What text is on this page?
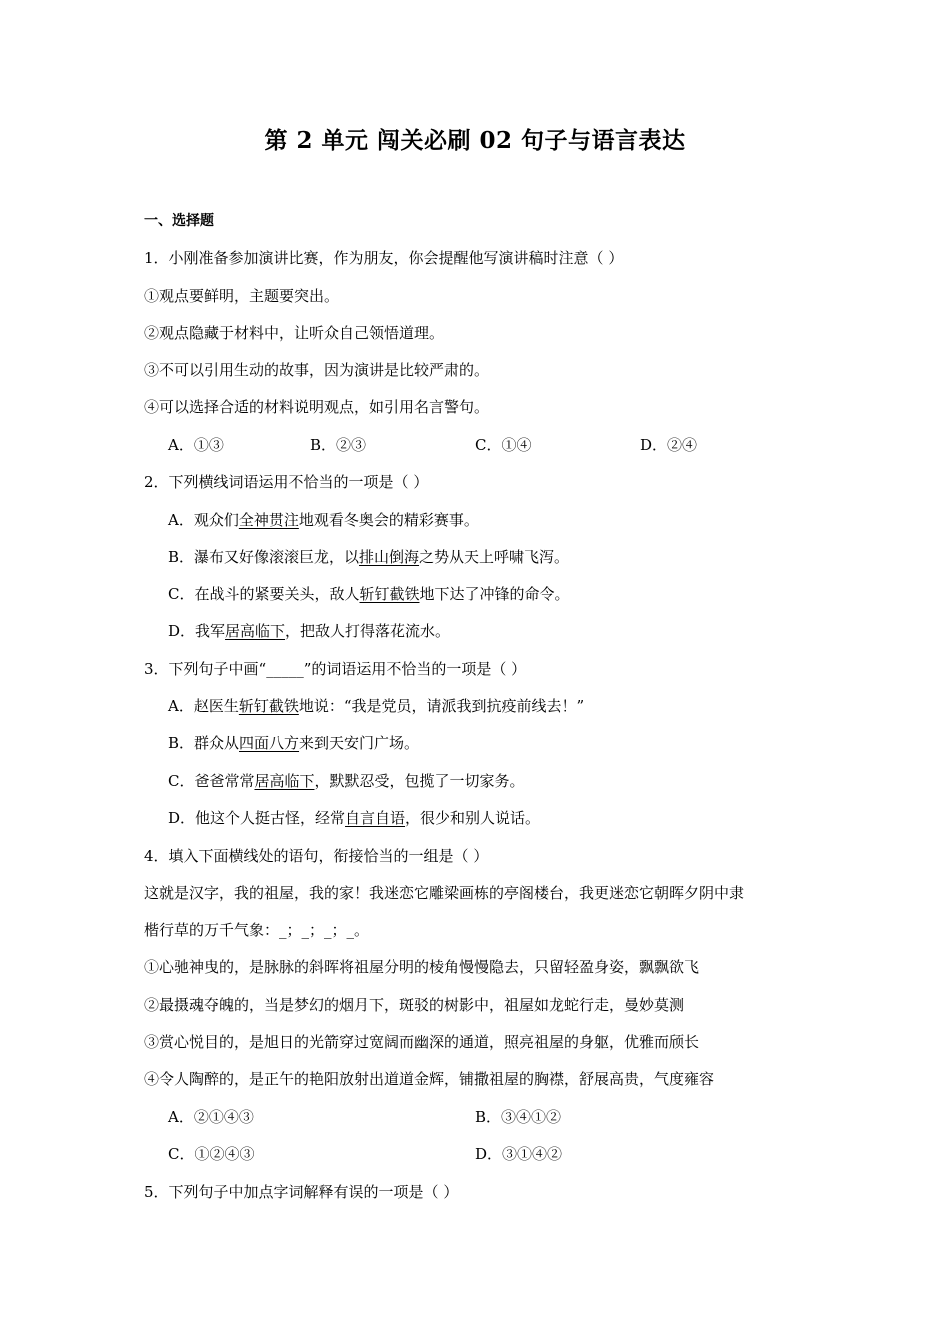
第 2 单元 闯关必刷 02 句子与语言表达
一、选择题
1．小刚准备参加演讲比赛，作为朋友，你会提醒他写演讲稿时注意（ ）
①观点要鲜明，主题要突出。
②观点隐藏于材料中，让听众自己领悟道理。
③不可以引用生动的故事，因为演讲是比较严肃的。
④可以选择合适的材料说明观点，如引用名言警句。
A．①③	B．②③	C．①④	D．②④
2．下列横线词语运用不恰当的一项是（ ）
A．观众们全神贯注地观看冬奥会的精彩赛事。
B．瀑布又好像滚滚巨龙，以排山倒海之势从天上呼啸飞泻。
C．在战斗的紧要关头，敌人斩钉截铁地下达了冲锋的命令。
D．我军居高临下，把敌人打得落花流水。
3．下列句子中画“_____”的词语运用不恰当的一项是（ ）
A．赵医生斩钉截铁地说：“我是党员，请派我到抗疫前线去！”
B．群众从四面八方来到天安门广场。
C．爸爸常常居高临下，默默忍受，包揽了一切家务。
D．他这个人挺古怪，经常自言自语，很少和别人说话。
4．填入下面横线处的语句，衔接恰当的一组是（ ）
这就是汉字，我的祖屋，我的家！我迷恋它雕梁画栋的亭阁楼台，我更迷恋它朝晖夕阴中隶
楷行草的万千气象：_；_；_；_。
①心驰神曳的，是脉脉的斜晖将祖屋分明的棱角慢慢隐去，只留轻盈身姿，飘飘欲飞
②最摄魂夺魄的，当是梦幻的烟月下，斑驳的树影中，祖屋如龙蛇行走，曼妙莫测
③赏心悦目的，是旭日的光箭穿过宽阔而幽深的通道，照亮祖屋的身躯，优雅而颀长
④令人陶醉的，是正午的艳阳放射出道道金辉，铺撒祖屋的胸襟，舒展高贵，气度雍容
A．②①④③	B．③④①②
C．①②④③	D．③①④②
5．下列句子中加点字词解释有误的一项是（ ）
